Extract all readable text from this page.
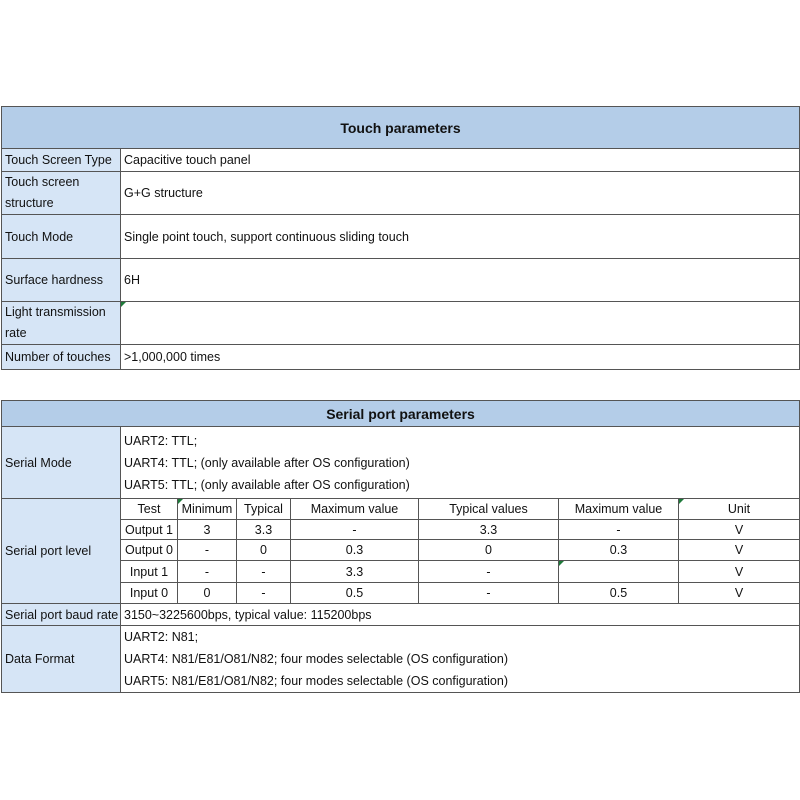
Touch parameters	
Touch Screen Type	Capacitive touch panel
Touch screen structure	G+G structure
Touch Mode	Single point touch, support continuous sliding touch
Surface hardness	6H
Light transmission rate	
Number of touches	>1,000,000 times
Serial port parameters							
Serial Mode	UART2: TTL;
UART4: TTL; (only available after OS configuration)
UART5: TTL; (only available after OS configuration)						

Serial port level	Test	Minimum	Typical	Maximum value	Typical values	Maximum value	Unit
	Output 1	3	3.3	-	3.3	-	V
	Output 0	-	0	0.3	0	0.3	V
	Input 1	-	-	3.3	-		V
	Input 0	0	-	0.5	-	0.5	V
Serial port baud rate	3150~3225600bps, typical value: 115200bps						
Data Format	UART2: N81;
UART4: N81/E81/O81/N82; four modes selectable (OS configuration)
UART5: N81/E81/O81/N82; four modes selectable (OS configuration)						
